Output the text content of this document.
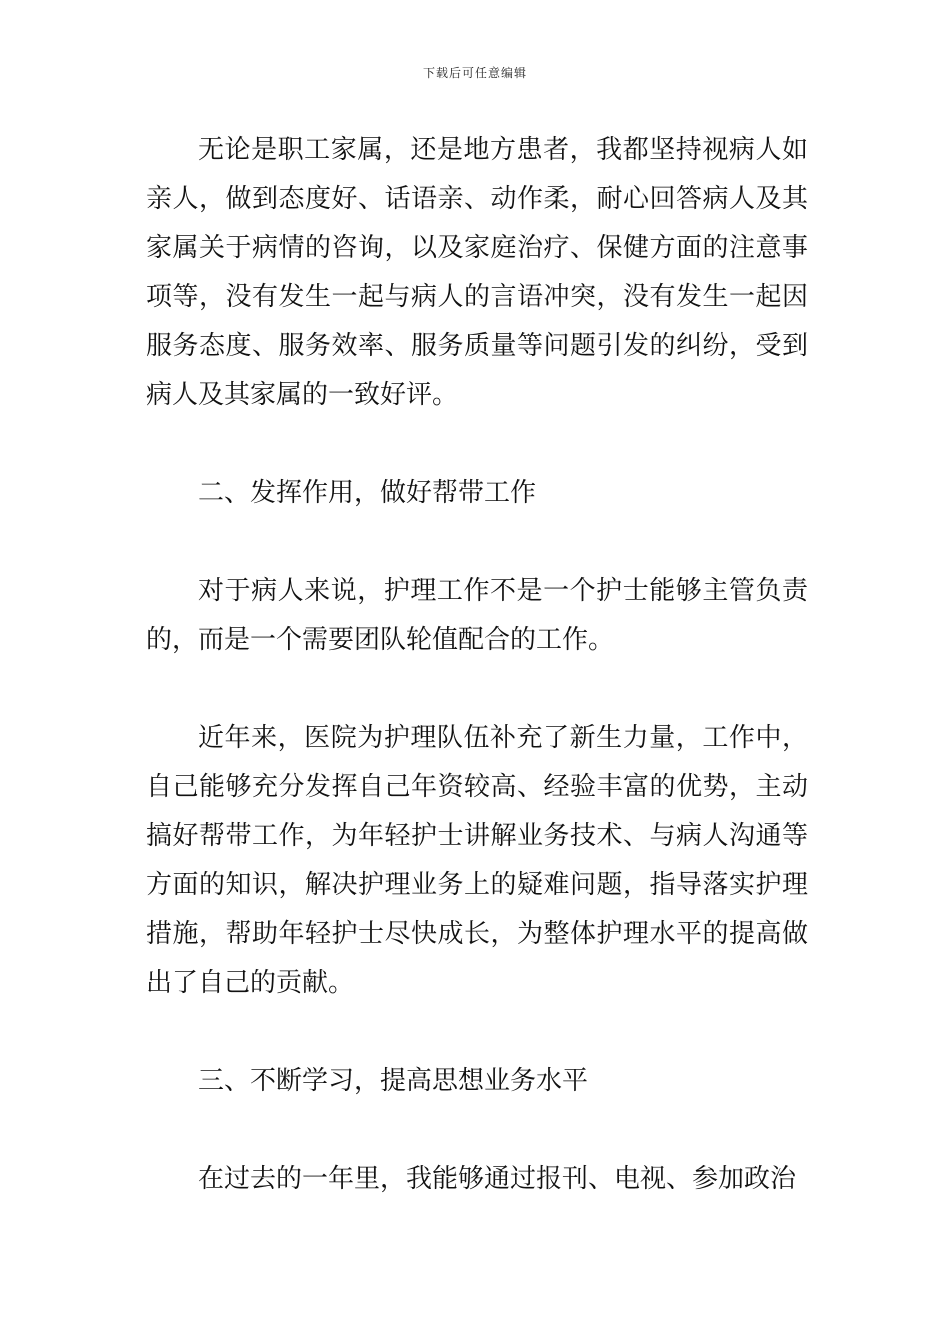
下载后可任意编辑

无论是职工家属，还是地方患者，我都坚持视病人如亲人，做到态度好、话语亲、动作柔，耐心回答病人及其家属关于病情的咨询，以及家庭治疗、保健方面的注意事项等，没有发生一起与病人的言语冲突，没有发生一起因服务态度、服务效率、服务质量等问题引发的纠纷，受到病人及其家属的一致好评。

二、发挥作用，做好帮带工作

对于病人来说，护理工作不是一个护士能够主管负责的，而是一个需要团队轮值配合的工作。

近年来，医院为护理队伍补充了新生力量，工作中，自己能够充分发挥自己年资较高、经验丰富的优势，主动搞好帮带工作，为年轻护士讲解业务技术、与病人沟通等方面的知识，解决护理业务上的疑难问题，指导落实护理措施，帮助年轻护士尽快成长，为整体护理水平的提高做出了自己的贡献。

三、不断学习，提高思想业务水平

在过去的一年里，我能够通过报刊、电视、参加政治
